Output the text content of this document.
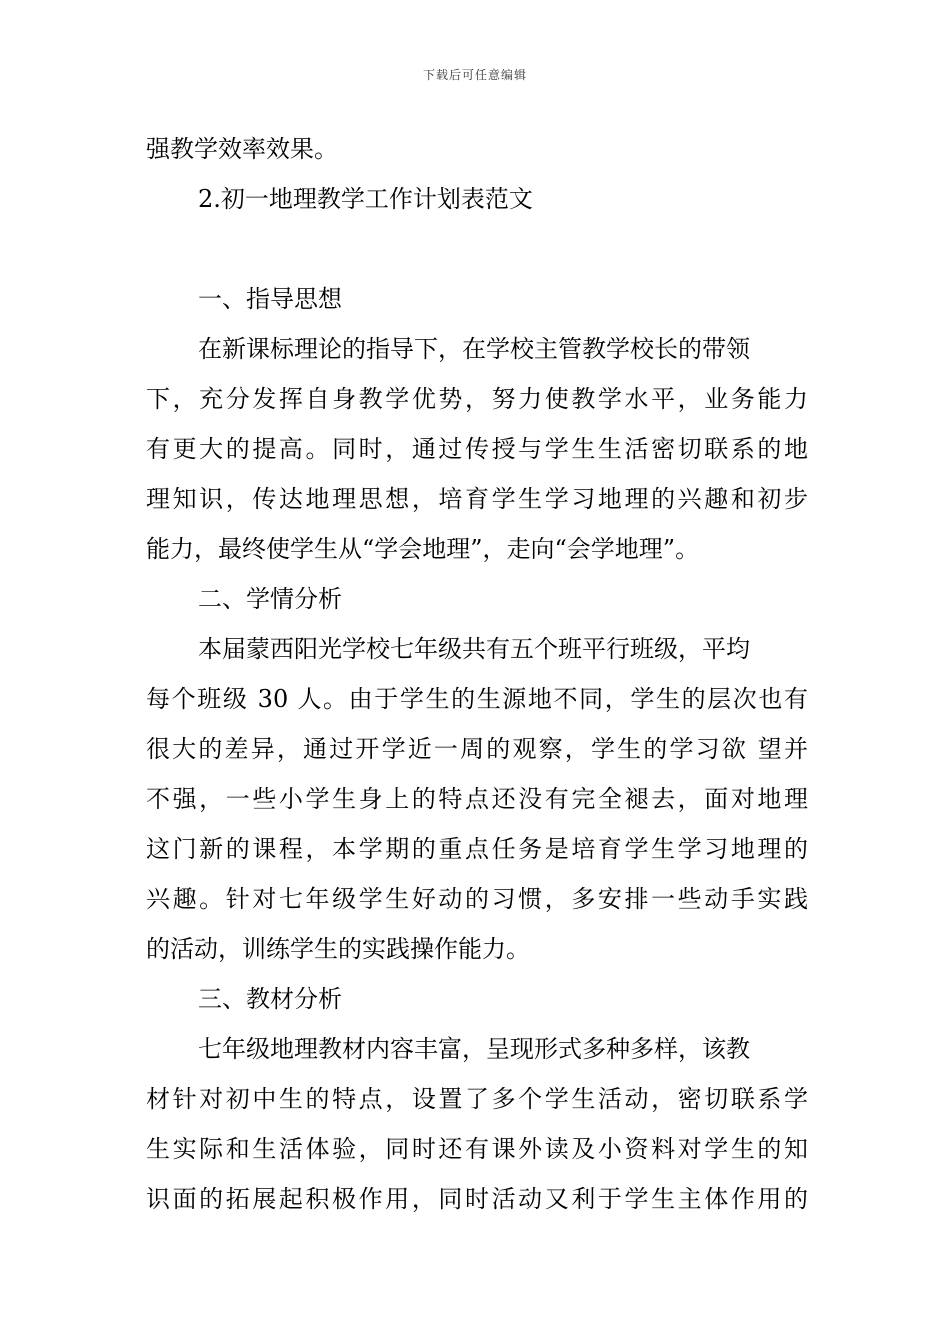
下载后可任意编辑
强教学效率效果。
2.初一地理教学工作计划表范文
一、指导思想
在新课标理论的指导下，在学校主管教学校长的带领
下，充分发挥自身教学优势，努力使教学水平，业务能力
有更大的提高。同时，通过传授与学生生活密切联系的地
理知识，传达地理思想，培育学生学习地理的兴趣和初步
能力，最终使学生从“学会地理”，走向“会学地理”。
二、学情分析
本届蒙西阳光学校七年级共有五个班平行班级，平均
每个班级 30 人。由于学生的生源地不同，学生的层次也有
很大的差异，通过开学近一周的观察，学生的学习欲 望并
不强，一些小学生身上的特点还没有完全褪去，面对地理
这门新的课程，本学期的重点任务是培育学生学习地理的
兴趣。针对七年级学生好动的习惯，多安排一些动手实践
的活动，训练学生的实践操作能力。
三、教材分析
七年级地理教材内容丰富，呈现形式多种多样，该教
材针对初中生的特点，设置了多个学生活动，密切联系学
生实际和生活体验，同时还有课外读及小资料对学生的知
识面的拓展起积极作用，同时活动又利于学生主体作用的
